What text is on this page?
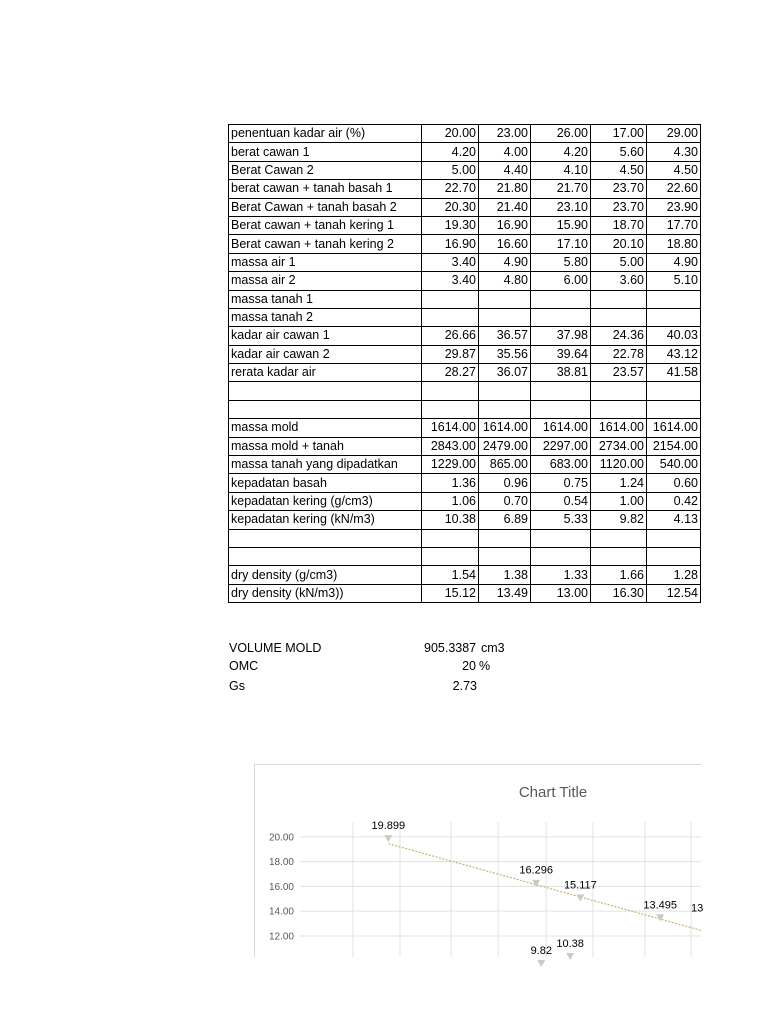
penentuan kadar air (%)	20.00	23.00	26.00	17.00	29.00
berat cawan 1	4.20	4.00	4.20	5.60	4.30
Berat Cawan 2	5.00	4.40	4.10	4.50	4.50
berat cawan + tanah basah 1	22.70	21.80	21.70	23.70	22.60
Berat Cawan + tanah basah 2	20.30	21.40	23.10	23.70	23.90
Berat cawan + tanah kering 1	19.30	16.90	15.90	18.70	17.70
Berat cawan + tanah kering 2	16.90	16.60	17.10	20.10	18.80
massa air 1	3.40	4.90	5.80	5.00	4.90
massa air 2	3.40	4.80	6.00	3.60	5.10
massa tanah 1					
massa tanah 2					
kadar air cawan 1	26.66	36.57	37.98	24.36	40.03
kadar air cawan 2	29.87	35.56	39.64	22.78	43.12
rerata kadar air	28.27	36.07	38.81	23.57	41.58

massa mold	1614.00	1614.00	1614.00	1614.00	1614.00
massa mold + tanah	2843.00	2479.00	2297.00	2734.00	2154.00
massa tanah yang dipadatkan	1229.00	865.00	683.00	1120.00	540.00
kepadatan basah	1.36	0.96	0.75	1.24	0.60
kepadatan kering (g/cm3)	1.06	0.70	0.54	1.00	0.42
kepadatan kering (kN/m3)	10.38	6.89	5.33	9.82	4.13

dry density (g/cm3)	1.54	1.38	1.33	1.66	1.28
dry density (kN/m3))	15.12	13.49	13.00	16.30	12.54
VOLUME MOLD	905.3387 cm3
OMC	20 %
Gs	2.73
Chart Title
20.00
18.00
16.00
14.00
12.00
19.899
16.296
15.117
13.495
9.82
10.38
13
